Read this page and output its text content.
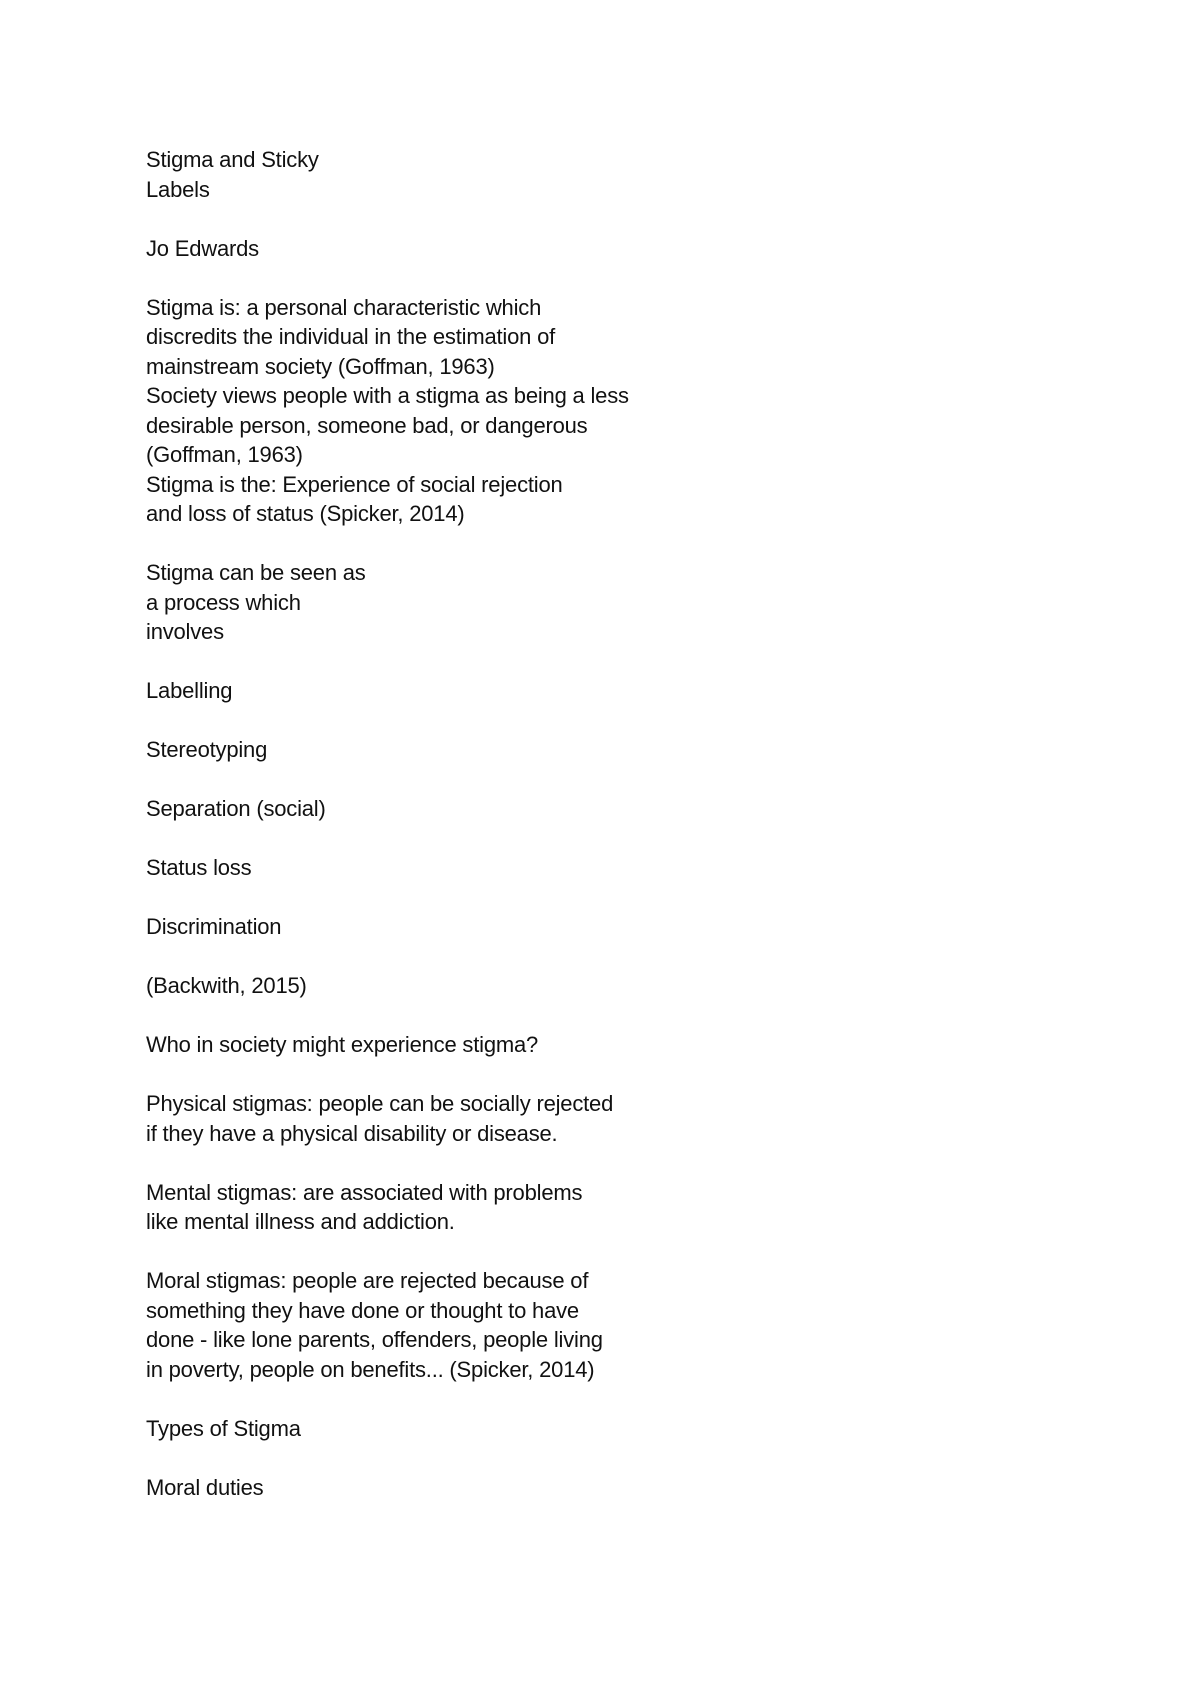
Stigma and Sticky
Labels
Jo Edwards
Stigma is: a personal characteristic which
discredits the individual in the estimation of
mainstream society (Goffman, 1963)
Society views people with a stigma as being a less
desirable person, someone bad, or dangerous
(Goffman, 1963)
Stigma is the: Experience of social rejection
and loss of status (Spicker, 2014)
Stigma can be seen as
a process which
involves
Labelling
Stereotyping
Separation (social)
Status loss
Discrimination
(Backwith, 2015)
Who in society might experience stigma?
Physical stigmas: people can be socially rejected
if they have a physical disability or disease.
Mental stigmas: are associated with problems
like mental illness and addiction.
Moral stigmas: people are rejected because of
something they have done or thought to have
done - like lone parents, offenders, people living
in poverty, people on benefits... (Spicker, 2014)
Types of Stigma
Moral duties
